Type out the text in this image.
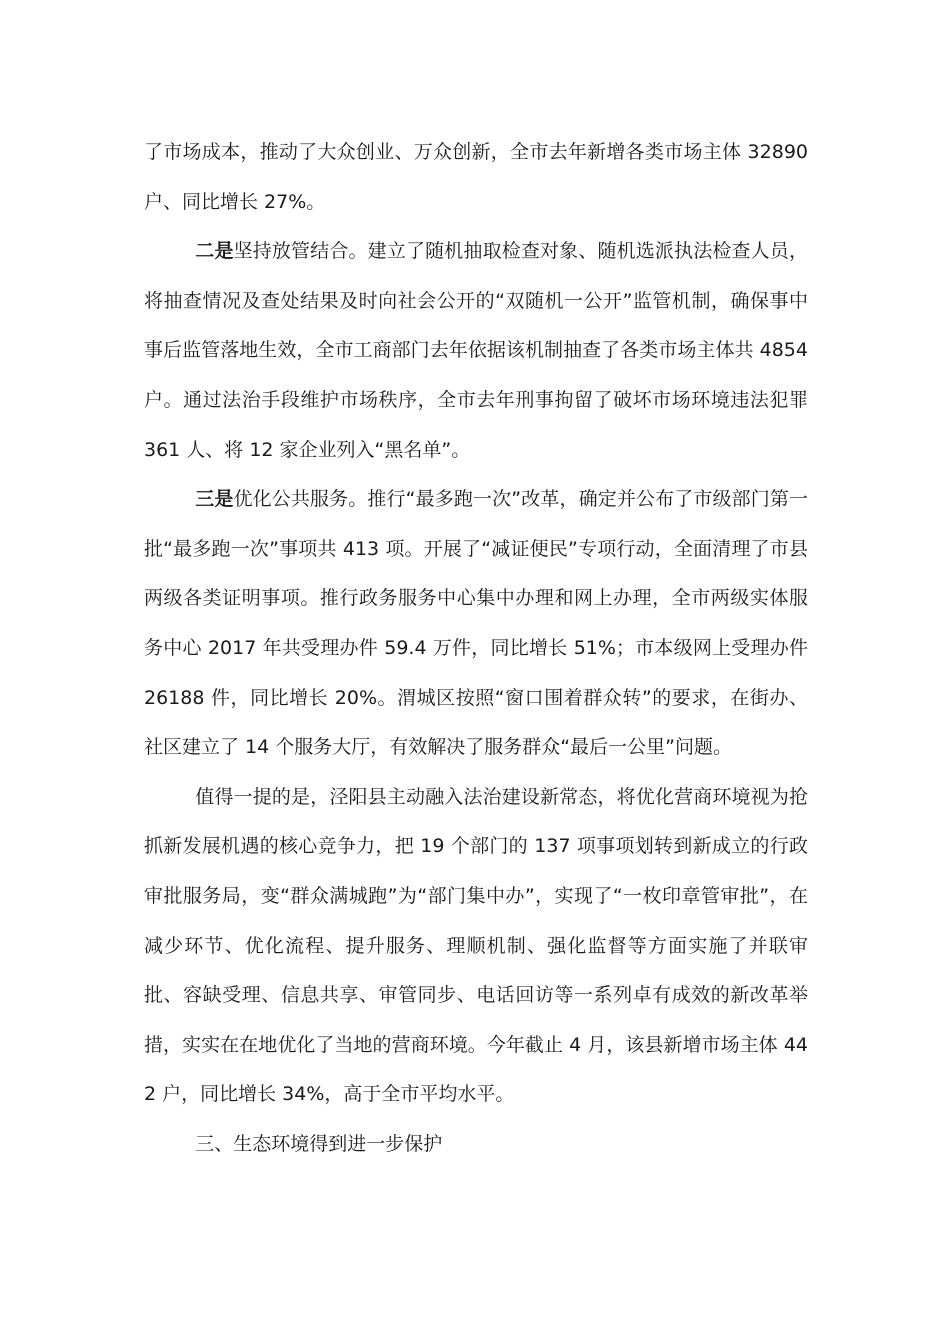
了市场成本，推动了大众创业、万众创新，全市去年新增各类市场主体 32890 户、同比增长 27%。

二是坚持放管结合。建立了随机抽取检查对象、随机选派执法检查人员，将抽查情况及查处结果及时向社会公开的“双随机一公开”监管机制，确保事中事后监管落地生效，全市工商部门去年依据该机制抽查了各类市场主体共 4854 户。通过法治手段维护市场秩序，全市去年刑事拘留了破坏市场环境违法犯罪 361 人、将 12 家企业列入“黑名单”。

三是优化公共服务。推行“最多跑一次”改革，确定并公布了市级部门第一批“最多跑一次”事项共 413 项。开展了“减证便民”专项行动，全面清理了市县两级各类证明事项。推行政务服务中心集中办理和网上办理，全市两级实体服务中心 2017 年共受理办件 59.4 万件，同比增长 51%；市本级网上受理办件 26188 件，同比增长 20%。渭城区按照“窗口围着群众转”的要求，在街办、社区建立了 14 个服务大厅，有效解决了服务群众“最后一公里”问题。

值得一提的是，泾阳县主动融入法治建设新常态，将优化营商环境视为抢抓新发展机遇的核心竞争力，把 19 个部门的 137 项事项划转到新成立的行政审批服务局，变“群众满城跑”为“部门集中办”，实现了“一枚印章管审批”，在减少环节、优化流程、提升服务、理顺机制、强化监督等方面实施了并联审批、容缺受理、信息共享、审管同步、电话回访等一系列卓有成效的新改革举措，实实在在地优化了当地的营商环境。今年截止 4 月，该县新增市场主体 442 户，同比增长 34%，高于全市平均水平。

三、生态环境得到进一步保护
